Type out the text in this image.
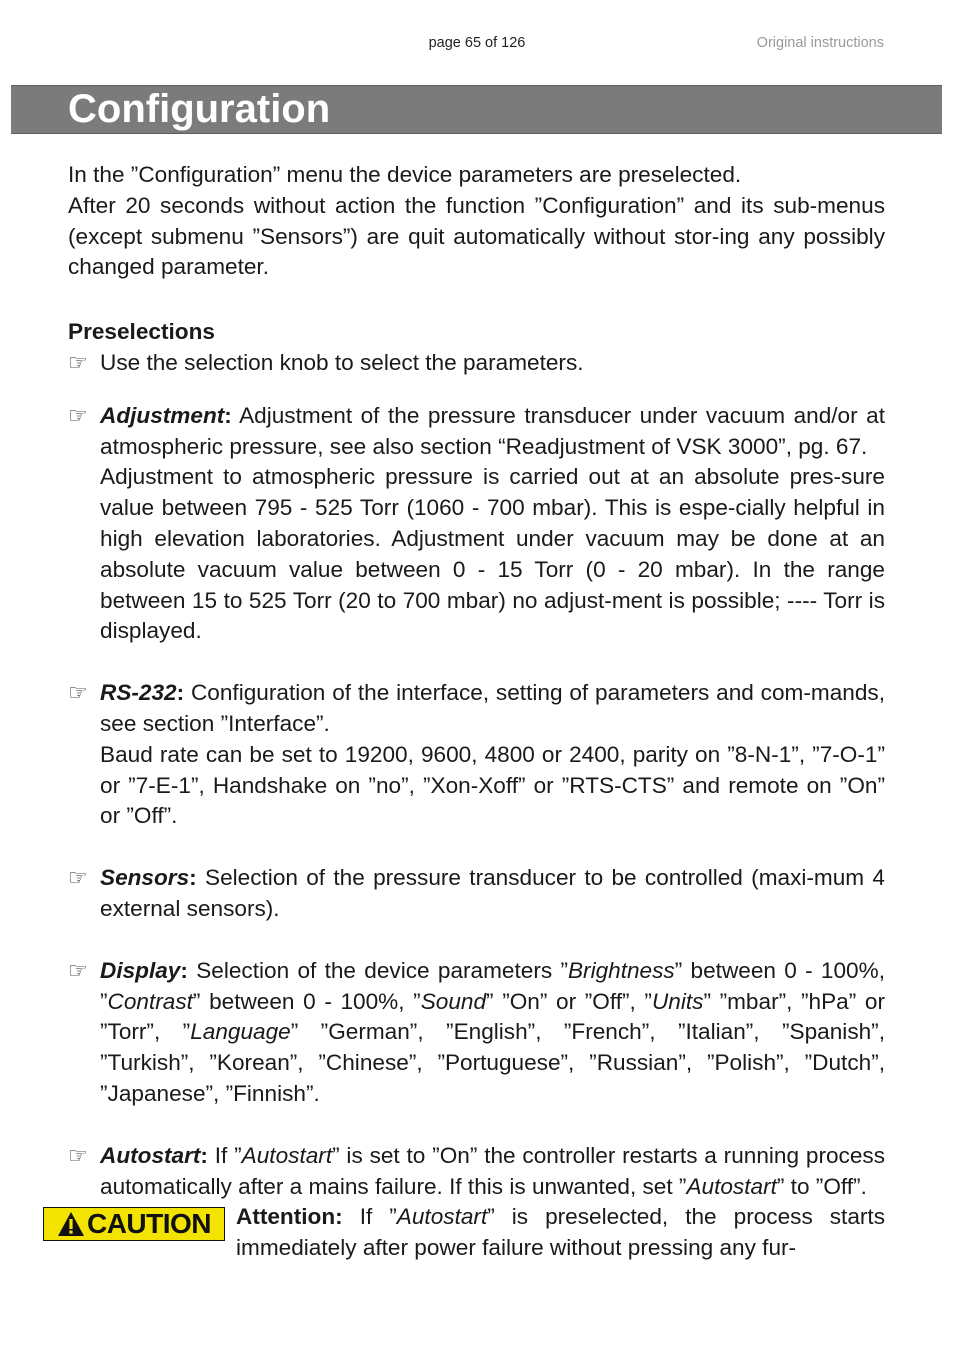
page 65 of 126	Original instructions
Configuration

In the ”Configuration” menu the device parameters are preselected.

After 20 seconds without action the function ”Configuration” and its sub-menus (except submenu ”Sensors”) are quit automatically without stor-ing any possibly changed parameter.

Preselections

☞ Use the selection knob to select the parameters.

☞ Adjustment: Adjustment of the pressure transducer under vacuum and/or at atmospheric pressure, see also section “Readjustment of VSK 3000”, pg. 67.

Adjustment to atmospheric pressure is carried out at an absolute pres-sure value between 795 - 525 Torr (1060 - 700 mbar). This is espe-cially helpful in high elevation laboratories. Adjustment under vacuum may be done at an absolute vacuum value between 0 - 15 Torr (0 - 20 mbar). In the range between 15 to 525 Torr (20 to 700 mbar) no adjust-ment is possible; ---- Torr is displayed.

☞ RS-232: Configuration of the interface, setting of parameters and com-mands, see section ”Interface”.

Baud rate can be set to 19200, 9600, 4800 or 2400, parity on ”8-N-1”, ”7-O-1” or ”7-E-1”, Handshake on ”no”, ”Xon-Xoff” or ”RTS-CTS” and remote on ”On” or ”Off”.

☞ Sensors: Selection of the pressure transducer to be controlled (maxi-mum 4 external sensors).

☞ Display: Selection of the device parameters ”Brightness” between 0 - 100%, ”Contrast” between 0 - 100%, ”Sound” ”On” or ”Off”, ”Units” ”mbar”, ”hPa” or ”Torr”, ”Language” ”German”, ”English”, ”French”, ”Italian”, ”Spanish”, ”Turkish”, ”Korean”, ”Chinese”, ”Portuguese”, ”Russian”, ”Polish”, ”Dutch”, ”Japanese”, ”Finnish”.

☞ Autostart: If ”Autostart” is set to ”On” the controller restarts a running process automatically after a mains failure. If this is unwanted, set ”Autostart” to ”Off”.

CAUTION Attention: If ”Autostart” is preselected, the process starts immediately after power failure without pressing any fur-
